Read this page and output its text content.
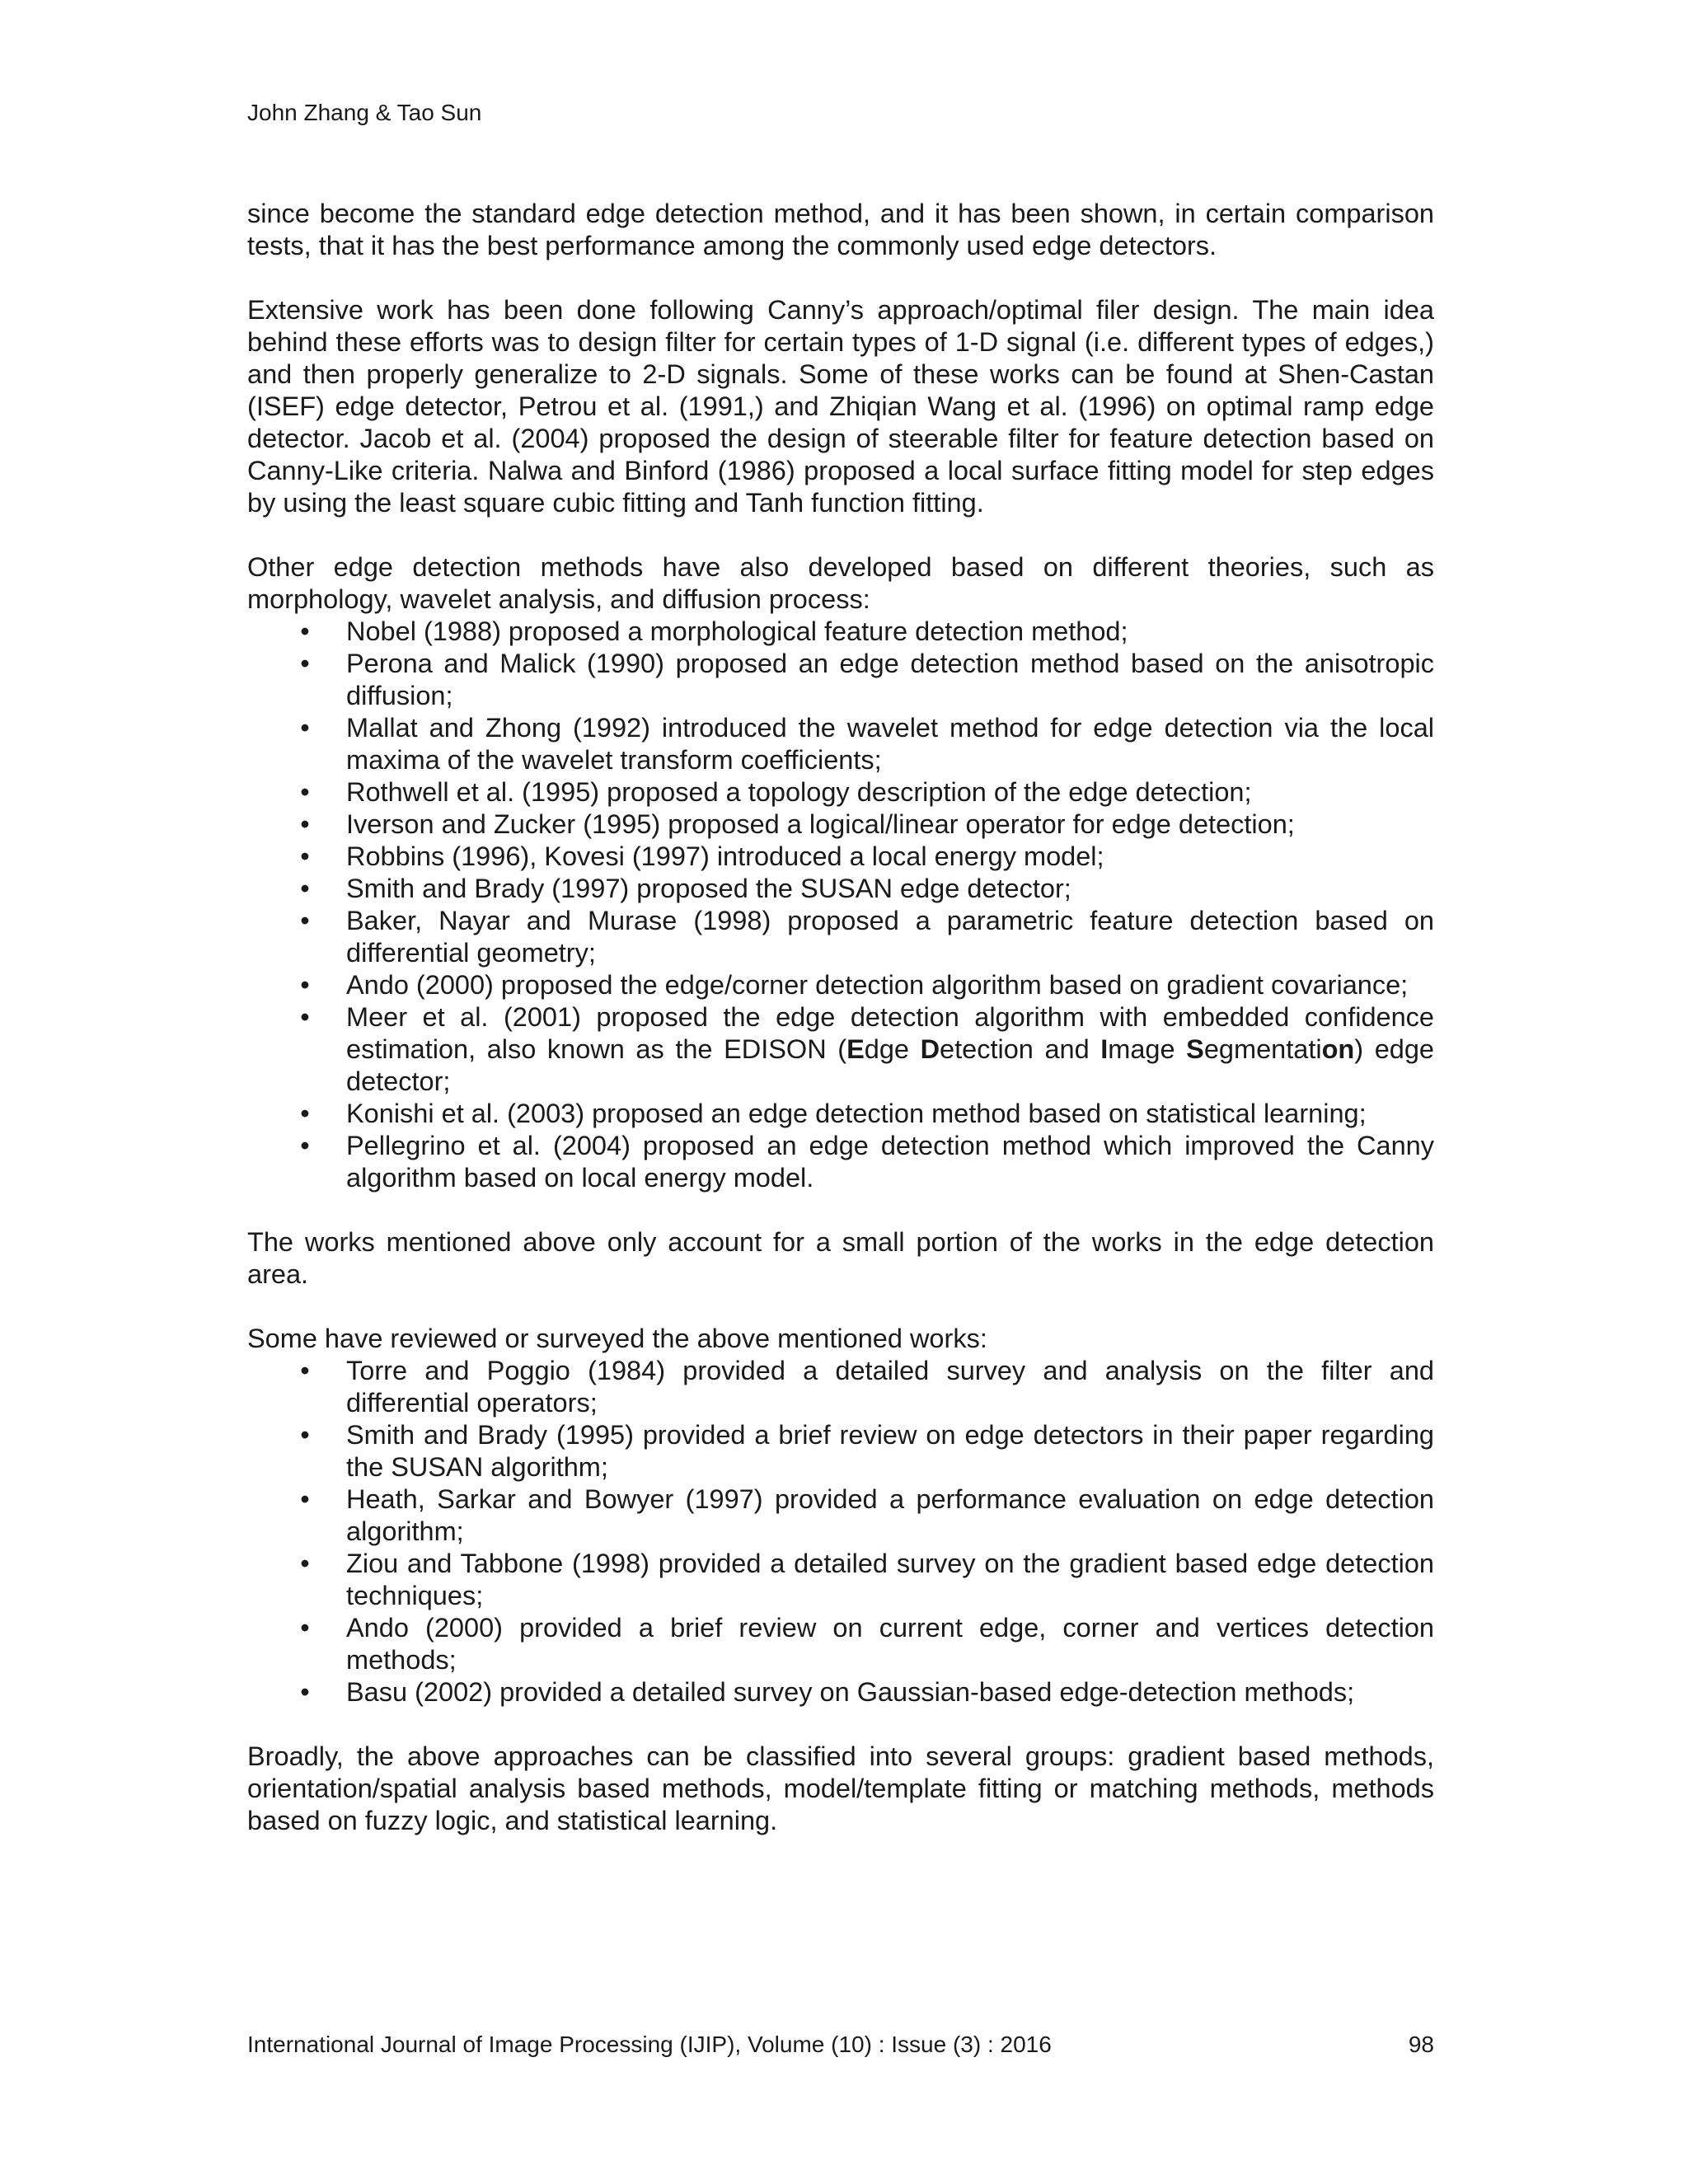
John Zhang & Tao Sun

since become the standard edge detection method, and it has been shown, in certain comparison tests, that it has the best performance among the commonly used edge detectors.

Extensive work has been done following Canny’s approach/optimal filer design. The main idea behind these efforts was to design filter for certain types of 1-D signal (i.e. different types of edges,) and then properly generalize to 2-D signals. Some of these works can be found at Shen-Castan (ISEF) edge detector, Petrou et al. (1991,) and Zhiqian Wang et al. (1996) on optimal ramp edge detector. Jacob et al. (2004) proposed the design of steerable filter for feature detection based on Canny-Like criteria. Nalwa and Binford (1986) proposed a local surface fitting model for step edges by using the least square cubic fitting and Tanh function fitting.

Other edge detection methods have also developed based on different theories, such as morphology, wavelet analysis, and diffusion process:

• Nobel (1988) proposed a morphological feature detection method;
• Perona and Malick (1990) proposed an edge detection method based on the anisotropic diffusion;
• Mallat and Zhong (1992) introduced the wavelet method for edge detection via the local maxima of the wavelet transform coefficients;
• Rothwell et al. (1995) proposed a topology description of the edge detection;
• Iverson and Zucker (1995) proposed a logical/linear operator for edge detection;
• Robbins (1996), Kovesi (1997) introduced a local energy model;
• Smith and Brady (1997) proposed the SUSAN edge detector;
• Baker, Nayar and Murase (1998) proposed a parametric feature detection based on differential geometry;
• Ando (2000) proposed the edge/corner detection algorithm based on gradient covariance;
• Meer et al. (2001) proposed the edge detection algorithm with embedded confidence estimation, also known as the EDISON (Edge Detection and Image Segmentation) edge detector;
• Konishi et al. (2003) proposed an edge detection method based on statistical learning;
• Pellegrino et al. (2004) proposed an edge detection method which improved the Canny algorithm based on local energy model.

The works mentioned above only account for a small portion of the works in the edge detection area.

Some have reviewed or surveyed the above mentioned works:

• Torre and Poggio (1984) provided a detailed survey and analysis on the filter and differential operators;
• Smith and Brady (1995) provided a brief review on edge detectors in their paper regarding the SUSAN algorithm;
• Heath, Sarkar and Bowyer (1997) provided a performance evaluation on edge detection algorithm;
• Ziou and Tabbone (1998) provided a detailed survey on the gradient based edge detection techniques;
• Ando (2000) provided a brief review on current edge, corner and vertices detection methods;
• Basu (2002) provided a detailed survey on Gaussian-based edge-detection methods;

Broadly, the above approaches can be classified into several groups: gradient based methods, orientation/spatial analysis based methods, model/template fitting or matching methods, methods based on fuzzy logic, and statistical learning.

International Journal of Image Processing (IJIP), Volume (10) : Issue (3) : 2016	98
